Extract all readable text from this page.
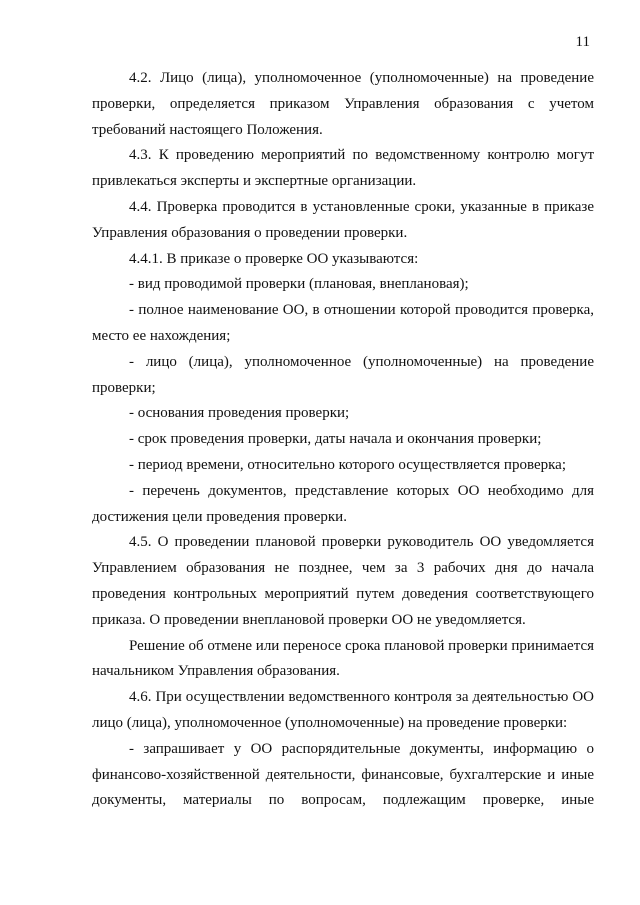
11

4.2. Лицо (лица), уполномоченное (уполномоченные) на проведение проверки, определяется приказом Управления образования с учетом требований настоящего Положения.

4.3. К проведению мероприятий по ведомственному контролю могут привлекаться эксперты и экспертные организации.

4.4. Проверка проводится в установленные сроки, указанные в приказе Управления образования о проведении проверки.

4.4.1. В приказе о проверке ОО указываются:

- вид проводимой проверки (плановая, внеплановая);

- полное наименование ОО, в отношении которой проводится проверка, место ее нахождения;

- лицо (лица), уполномоченное (уполномоченные) на проведение проверки;

- основания проведения проверки;

- срок проведения проверки, даты начала и окончания проверки;

- период времени, относительно которого осуществляется проверка;

- перечень документов, представление которых ОО необходимо для достижения цели проведения проверки.

4.5. О проведении плановой проверки руководитель ОО уведомляется Управлением образования не позднее, чем за 3 рабочих дня до начала проведения контрольных мероприятий путем доведения соответствующего приказа. О проведении внеплановой проверки ОО не уведомляется.

Решение об отмене или переносе срока плановой проверки принимается начальником Управления образования.

4.6. При осуществлении ведомственного контроля за деятельностью ОО лицо (лица), уполномоченное (уполномоченные) на проведение проверки:

- запрашивает у ОО распорядительные документы, информацию о финансово-хозяйственной деятельности, финансовые, бухгалтерские и иные документы, материалы по вопросам, подлежащим проверке, иные
